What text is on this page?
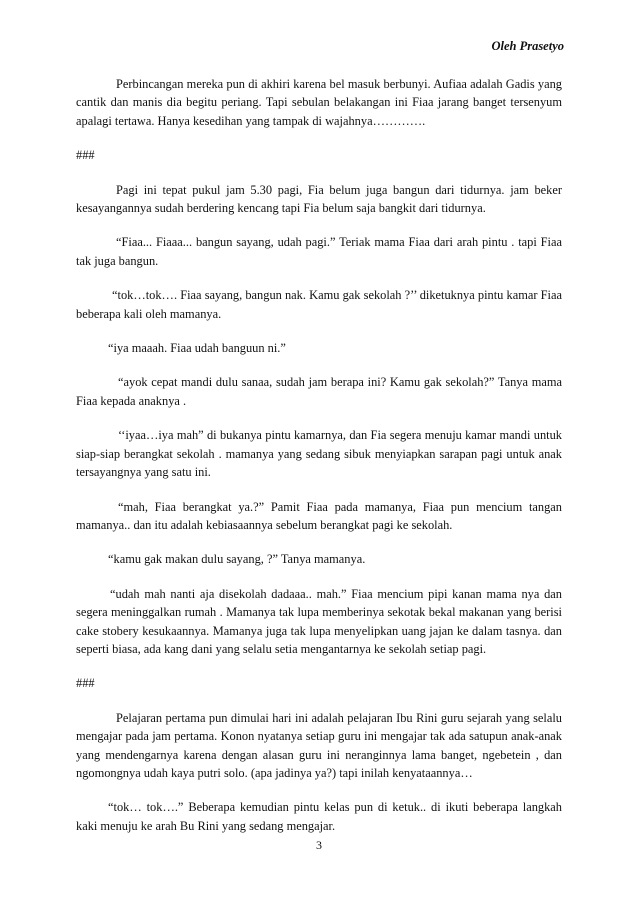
Oleh Prasetyo

Perbincangan mereka pun di akhiri karena bel masuk berbunyi. Aufiaa adalah Gadis yang cantik dan manis dia begitu periang. Tapi sebulan belakangan ini Fiaa jarang banget tersenyum apalagi tertawa. Hanya kesedihan yang tampak di wajahnya………….

###

Pagi ini tepat pukul jam 5.30 pagi, Fia belum juga bangun dari tidurnya. jam beker kesayangannya sudah berdering kencang tapi Fia belum saja bangkit dari tidurnya.

“Fiaa... Fiaaa... bangun sayang, udah pagi.” Teriak mama Fiaa dari arah pintu . tapi Fiaa tak juga bangun.

“tok…tok…. Fiaa sayang, bangun nak. Kamu gak sekolah ?’’ diketuknya pintu kamar Fiaa beberapa kali oleh mamanya.

“iya maaah. Fiaa udah banguun ni.”

“ayok cepat mandi dulu sanaa, sudah jam berapa ini? Kamu gak sekolah?” Tanya mama Fiaa kepada anaknya .

‘‘iyaa…iya mah” di bukanya pintu kamarnya, dan Fia segera menuju kamar mandi untuk siap-siap berangkat sekolah . mamanya yang sedang sibuk menyiapkan sarapan pagi untuk anak tersayangnya yang satu ini.

“mah, Fiaa berangkat ya.?” Pamit Fiaa pada mamanya, Fiaa pun mencium tangan mamanya.. dan itu adalah kebiasaannya sebelum berangkat pagi ke sekolah.

“kamu gak makan dulu sayang, ?” Tanya mamanya.

“udah mah nanti aja disekolah dadaaa.. mah.” Fiaa mencium pipi kanan mama nya dan segera meninggalkan rumah . Mamanya tak lupa memberinya sekotak bekal makanan yang berisi cake stobery kesukaannya. Mamanya juga tak lupa menyelipkan uang jajan ke dalam tasnya. dan seperti biasa, ada kang dani yang selalu setia mengantarnya ke sekolah setiap pagi.

###

Pelajaran pertama pun dimulai hari ini adalah pelajaran Ibu Rini guru sejarah yang selalu mengajar pada jam pertama. Konon nyatanya setiap guru ini mengajar tak ada satupun anak-anak yang mendengarnya karena dengan alasan guru ini neranginnya lama banget, ngebetein , dan ngomongnya udah kaya putri solo. (apa jadinya ya?) tapi inilah kenyataannya…

“tok… tok….” Beberapa kemudian pintu kelas pun di ketuk.. di ikuti beberapa langkah kaki menuju ke arah Bu Rini yang sedang mengajar.

3
